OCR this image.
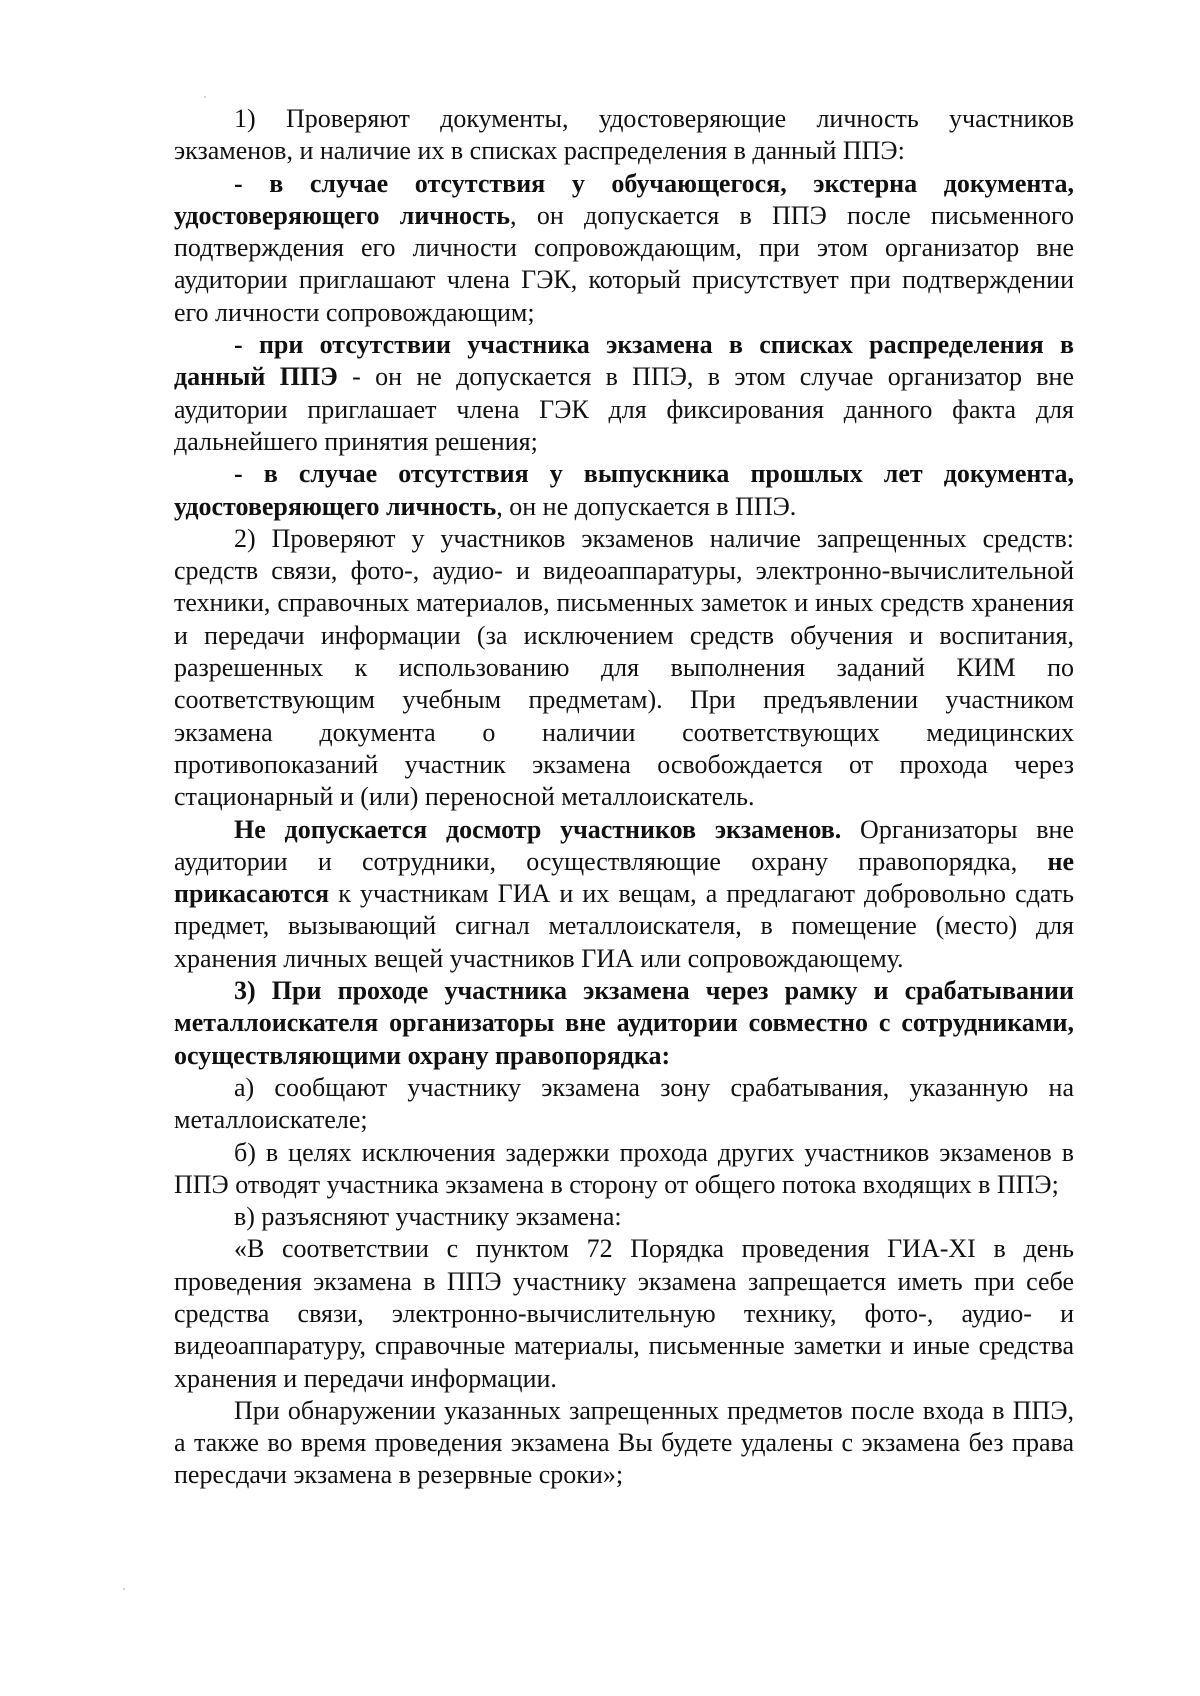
1) Проверяют документы, удостоверяющие личность участников экзаменов, и наличие их в списках распределения в данный ППЭ:

- в случае отсутствия у обучающегося, экстерна документа, удостоверяющего личность, он допускается в ППЭ после письменного подтверждения его личности сопровождающим, при этом организатор вне аудитории приглашают члена ГЭК, который присутствует при подтверждении его личности сопровождающим;

- при отсутствии участника экзамена в списках распределения в данный ППЭ - он не допускается в ППЭ, в этом случае организатор вне аудитории приглашает члена ГЭК для фиксирования данного факта для дальнейшего принятия решения;

- в случае отсутствия у выпускника прошлых лет документа, удостоверяющего личность, он не допускается в ППЭ.

2) Проверяют у участников экзаменов наличие запрещенных средств: средств связи, фото-, аудио- и видеоаппаратуры, электронно-вычислительной техники, справочных материалов, письменных заметок и иных средств хранения и передачи информации (за исключением средств обучения и воспитания, разрешенных к использованию для выполнения заданий КИМ по соответствующим учебным предметам). При предъявлении участником экзамена документа о наличии соответствующих медицинских противопоказаний участник экзамена освобождается от прохода через стационарный и (или) переносной металлоискатель.

Не допускается досмотр участников экзаменов. Организаторы вне аудитории и сотрудники, осуществляющие охрану правопорядка, не прикасаются к участникам ГИА и их вещам, а предлагают добровольно сдать предмет, вызывающий сигнал металлоискателя, в помещение (место) для хранения личных вещей участников ГИА или сопровождающему.

3) При проходе участника экзамена через рамку и срабатывании металлоискателя организаторы вне аудитории совместно с сотрудниками, осуществляющими охрану правопорядка:

а) сообщают участнику экзамена зону срабатывания, указанную на металлоискателе;

б) в целях исключения задержки прохода других участников экзаменов в ППЭ отводят участника экзамена в сторону от общего потока входящих в ППЭ;

в) разъясняют участнику экзамена:

«В соответствии с пунктом 72 Порядка проведения ГИА-XI в день проведения экзамена в ППЭ участнику экзамена запрещается иметь при себе средства связи, электронно-вычислительную технику, фото-, аудио- и видеоаппаратуру, справочные материалы, письменные заметки и иные средства хранения и передачи информации.

При обнаружении указанных запрещенных предметов после входа в ППЭ, а также во время проведения экзамена Вы будете удалены с экзамена без права пересдачи экзамена в резервные сроки»;
